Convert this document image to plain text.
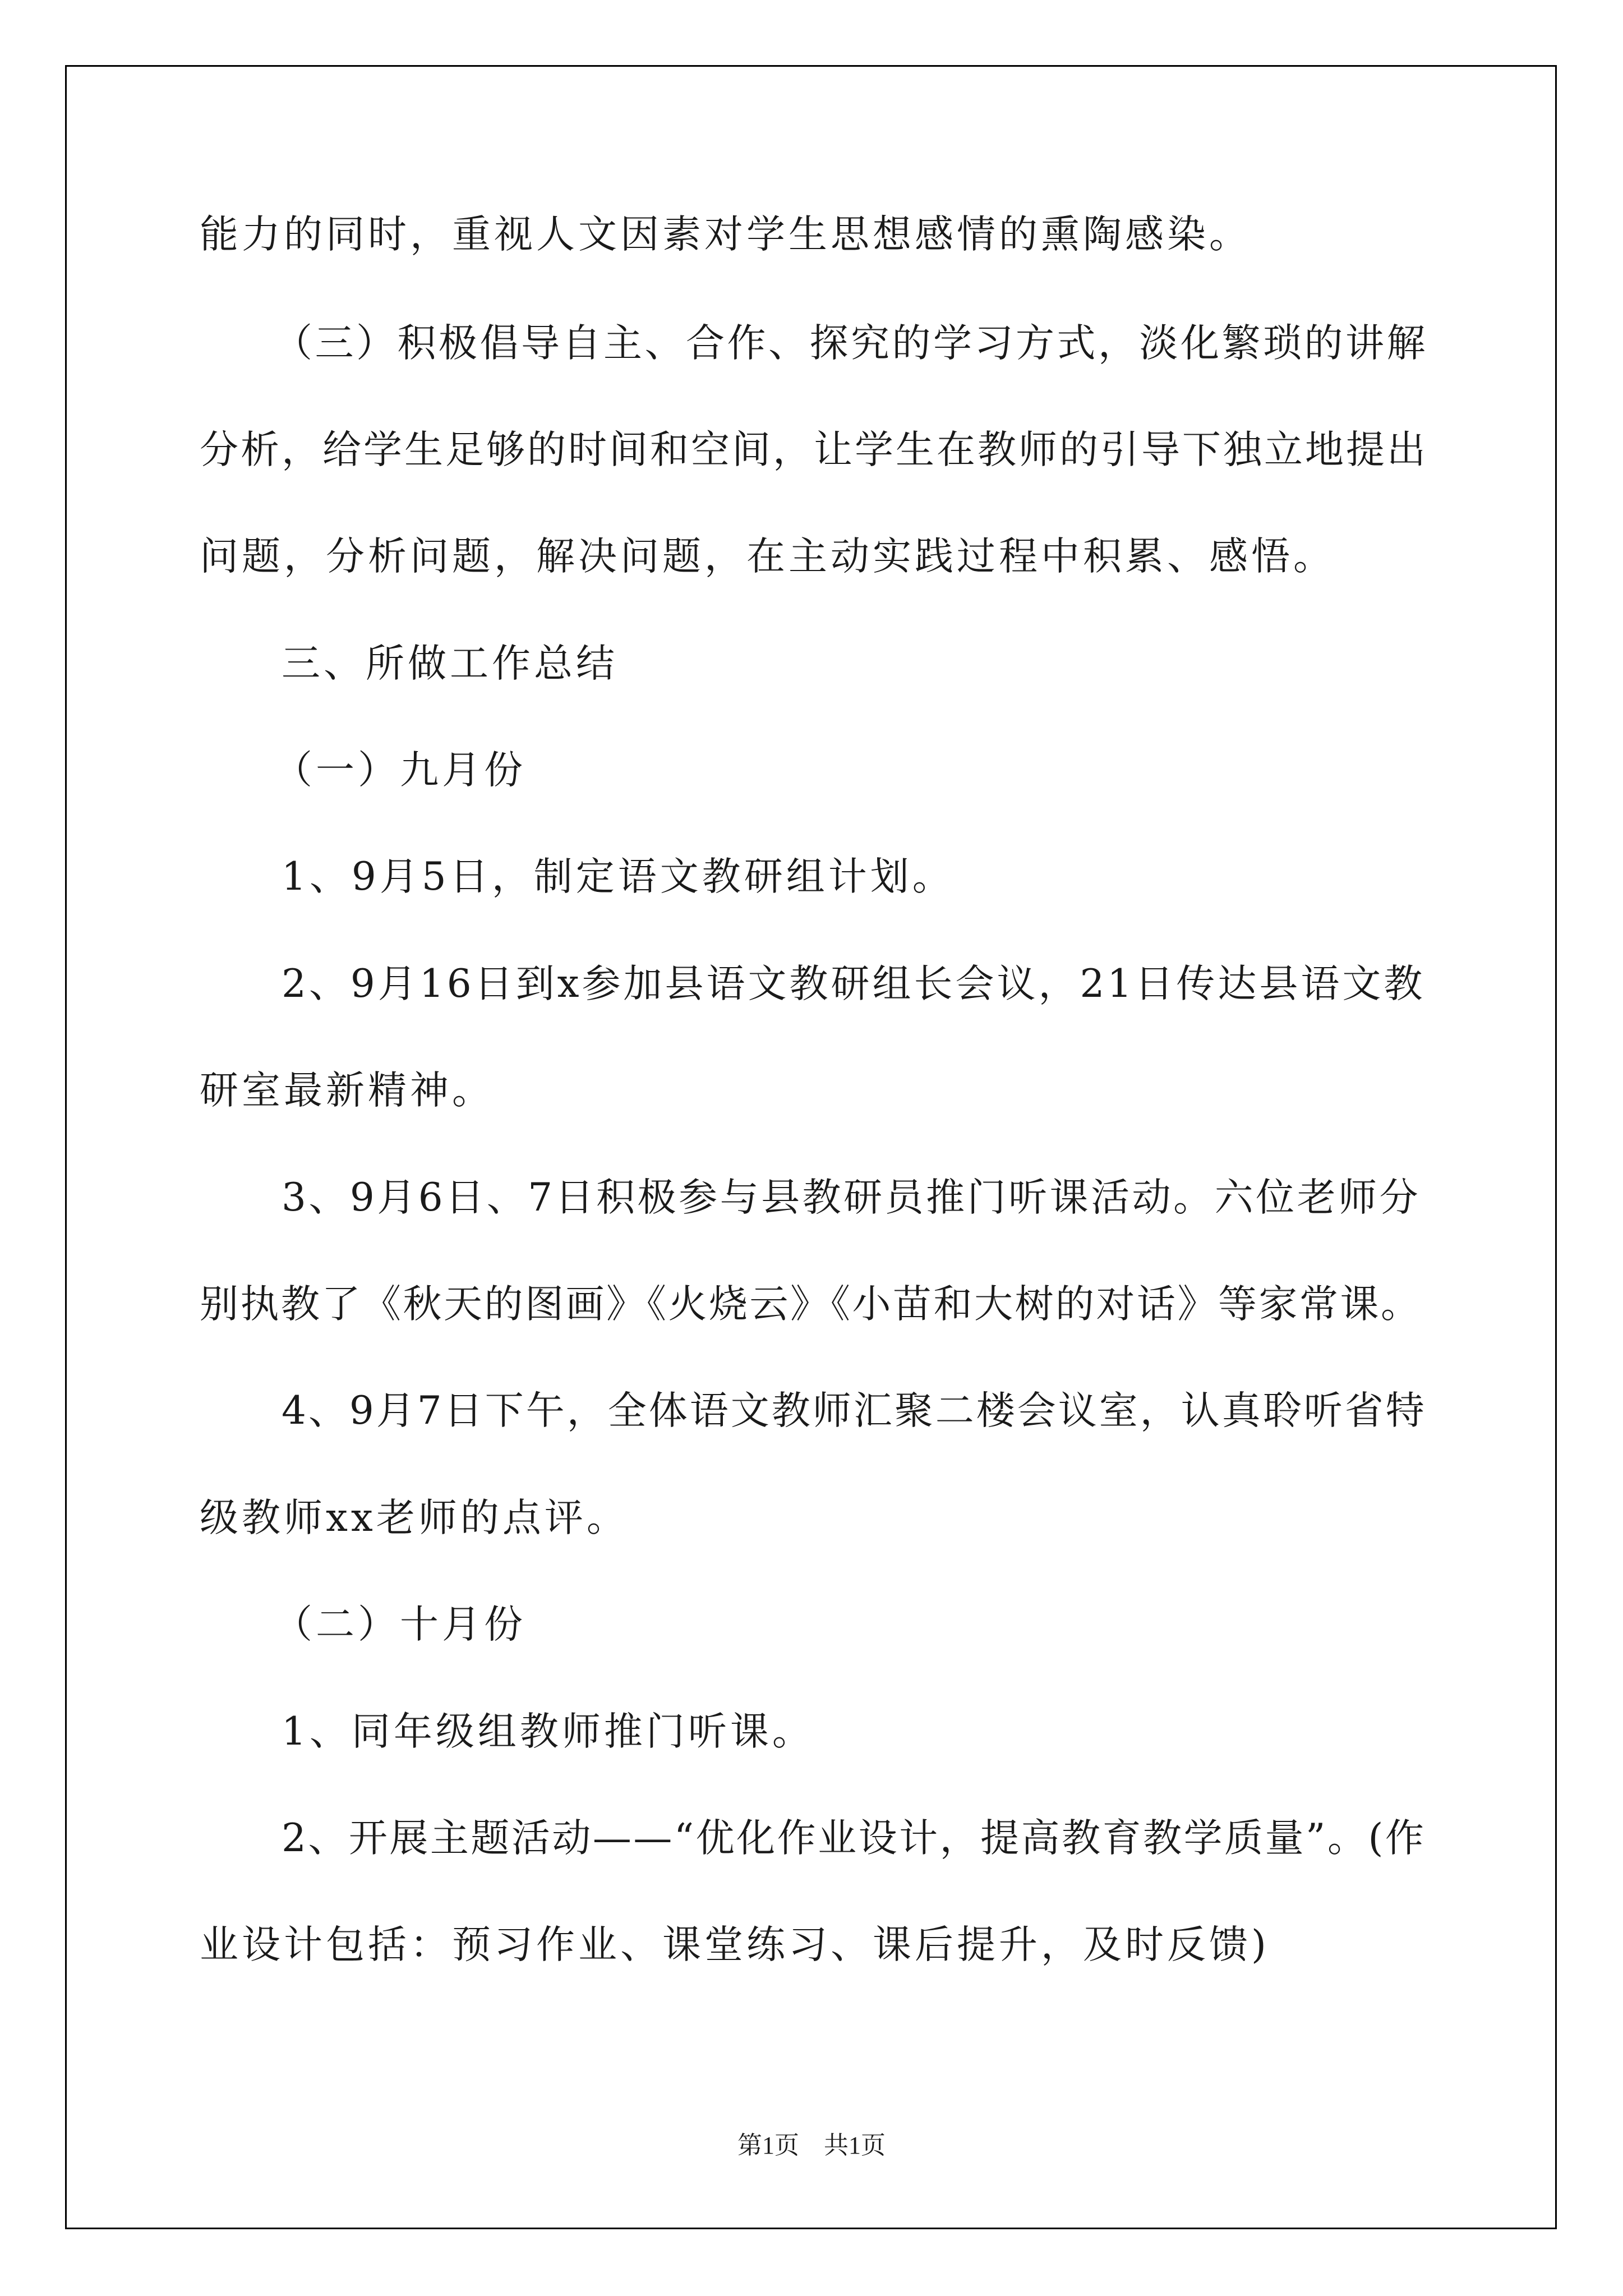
能力的同时，重视人文因素对学生思想感情的熏陶感染。
（三）积极倡导自主、合作、探究的学习方式，淡化繁琐的讲解
分析，给学生足够的时间和空间，让学生在教师的引导下独立地提出
问题，分析问题，解决问题，在主动实践过程中积累、感悟。
三、所做工作总结
（一）九月份
1、9月5日，制定语文教研组计划。
2、9月16日到x参加县语文教研组长会议，21日传达县语文教
研室最新精神。
3、9月6日、7日积极参与县教研员推门听课活动。六位老师分
别执教了《秋天的图画》《火烧云》《小苗和大树的对话》等家常课。
4、9月7日下午，全体语文教师汇聚二楼会议室，认真聆听省特
级教师xx老师的点评。
（二）十月份
1、同年级组教师推门听课。
2、开展主题活动——“优化作业设计，提高教育教学质量”。(作
业设计包括：预习作业、课堂练习、课后提升，及时反馈)
第1页　共1页
